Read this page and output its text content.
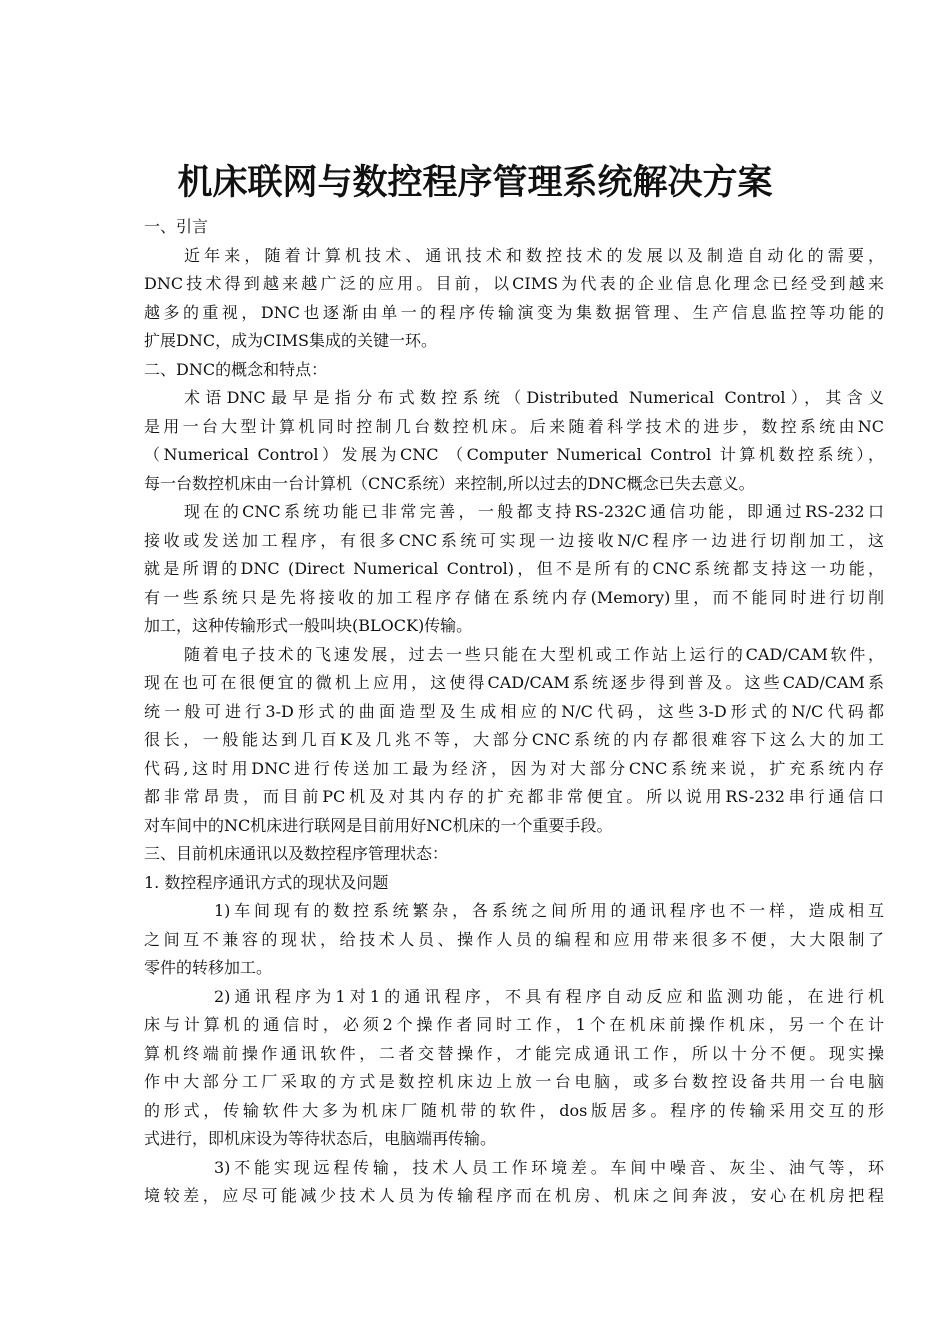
机床联网与数控程序管理系统解决方案
一、引言
近年来，随着计算机技术、通讯技术和数控技术的发展以及制造自动化的需要，
DNC技术得到越来越广泛的应用。目前，以CIMS为代表的企业信息化理念已经受到越来
越多的重视，DNC也逐渐由单一的程序传输演变为集数据管理、生产信息监控等功能的
扩展DNC，成为CIMS集成的关键一环。
二、DNC的概念和特点：
术语DNC最早是指分布式数控系统（Distributed Numerical Control），其含义
是用一台大型计算机同时控制几台数控机床。后来随着科学技术的进步，数控系统由NC
（Numerical Control）发展为CNC （Computer Numerical Control 计算机数控系统），
每一台数控机床由一台计算机（CNC系统）来控制,所以过去的DNC概念已失去意义。
现在的CNC系统功能已非常完善，一般都支持RS-232C通信功能，即通过RS-232口
接收或发送加工程序，有很多CNC系统可实现一边接收N/C程序一边进行切削加工，这
就是所谓的DNC (Direct Numerical Control)，但不是所有的CNC系统都支持这一功能，
有一些系统只是先将接收的加工程序存储在系统内存(Memory)里，而不能同时进行切削
加工，这种传输形式一般叫块(BLOCK)传输。
随着电子技术的飞速发展，过去一些只能在大型机或工作站上运行的CAD/CAM软件，
现在也可在很便宜的微机上应用，这使得CAD/CAM系统逐步得到普及。这些CAD/CAM系
统一般可进行3-D形式的曲面造型及生成相应的N/C代码，这些3-D形式的N/C代码都
很长，一般能达到几百K及几兆不等，大部分CNC系统的内存都很难容下这么大的加工
代码,这时用DNC进行传送加工最为经济，因为对大部分CNC系统来说，扩充系统内存
都非常昂贵，而目前PC机及对其内存的扩充都非常便宜。所以说用RS-232串行通信口
对车间中的NC机床进行联网是目前用好NC机床的一个重要手段。
三、目前机床通讯以及数控程序管理状态：
1. 数控程序通讯方式的现状及问题
1)车间现有的数控系统繁杂，各系统之间所用的通讯程序也不一样，造成相互
之间互不兼容的现状，给技术人员、操作人员的编程和应用带来很多不便，大大限制了
零件的转移加工。
2)通讯程序为1对1的通讯程序，不具有程序自动反应和监测功能，在进行机
床与计算机的通信时，必须2个操作者同时工作，1个在机床前操作机床，另一个在计
算机终端前操作通讯软件，二者交替操作，才能完成通讯工作，所以十分不便。现实操
作中大部分工厂采取的方式是数控机床边上放一台电脑，或多台数控设备共用一台电脑
的形式，传输软件大多为机床厂随机带的软件，dos版居多。程序的传输采用交互的形
式进行，即机床设为等待状态后，电脑端再传输。
3)不能实现远程传输，技术人员工作环境差。车间中噪音、灰尘、油气等，环
境较差，应尽可能减少技术人员为传输程序而在机房、机床之间奔波，安心在机房把程
